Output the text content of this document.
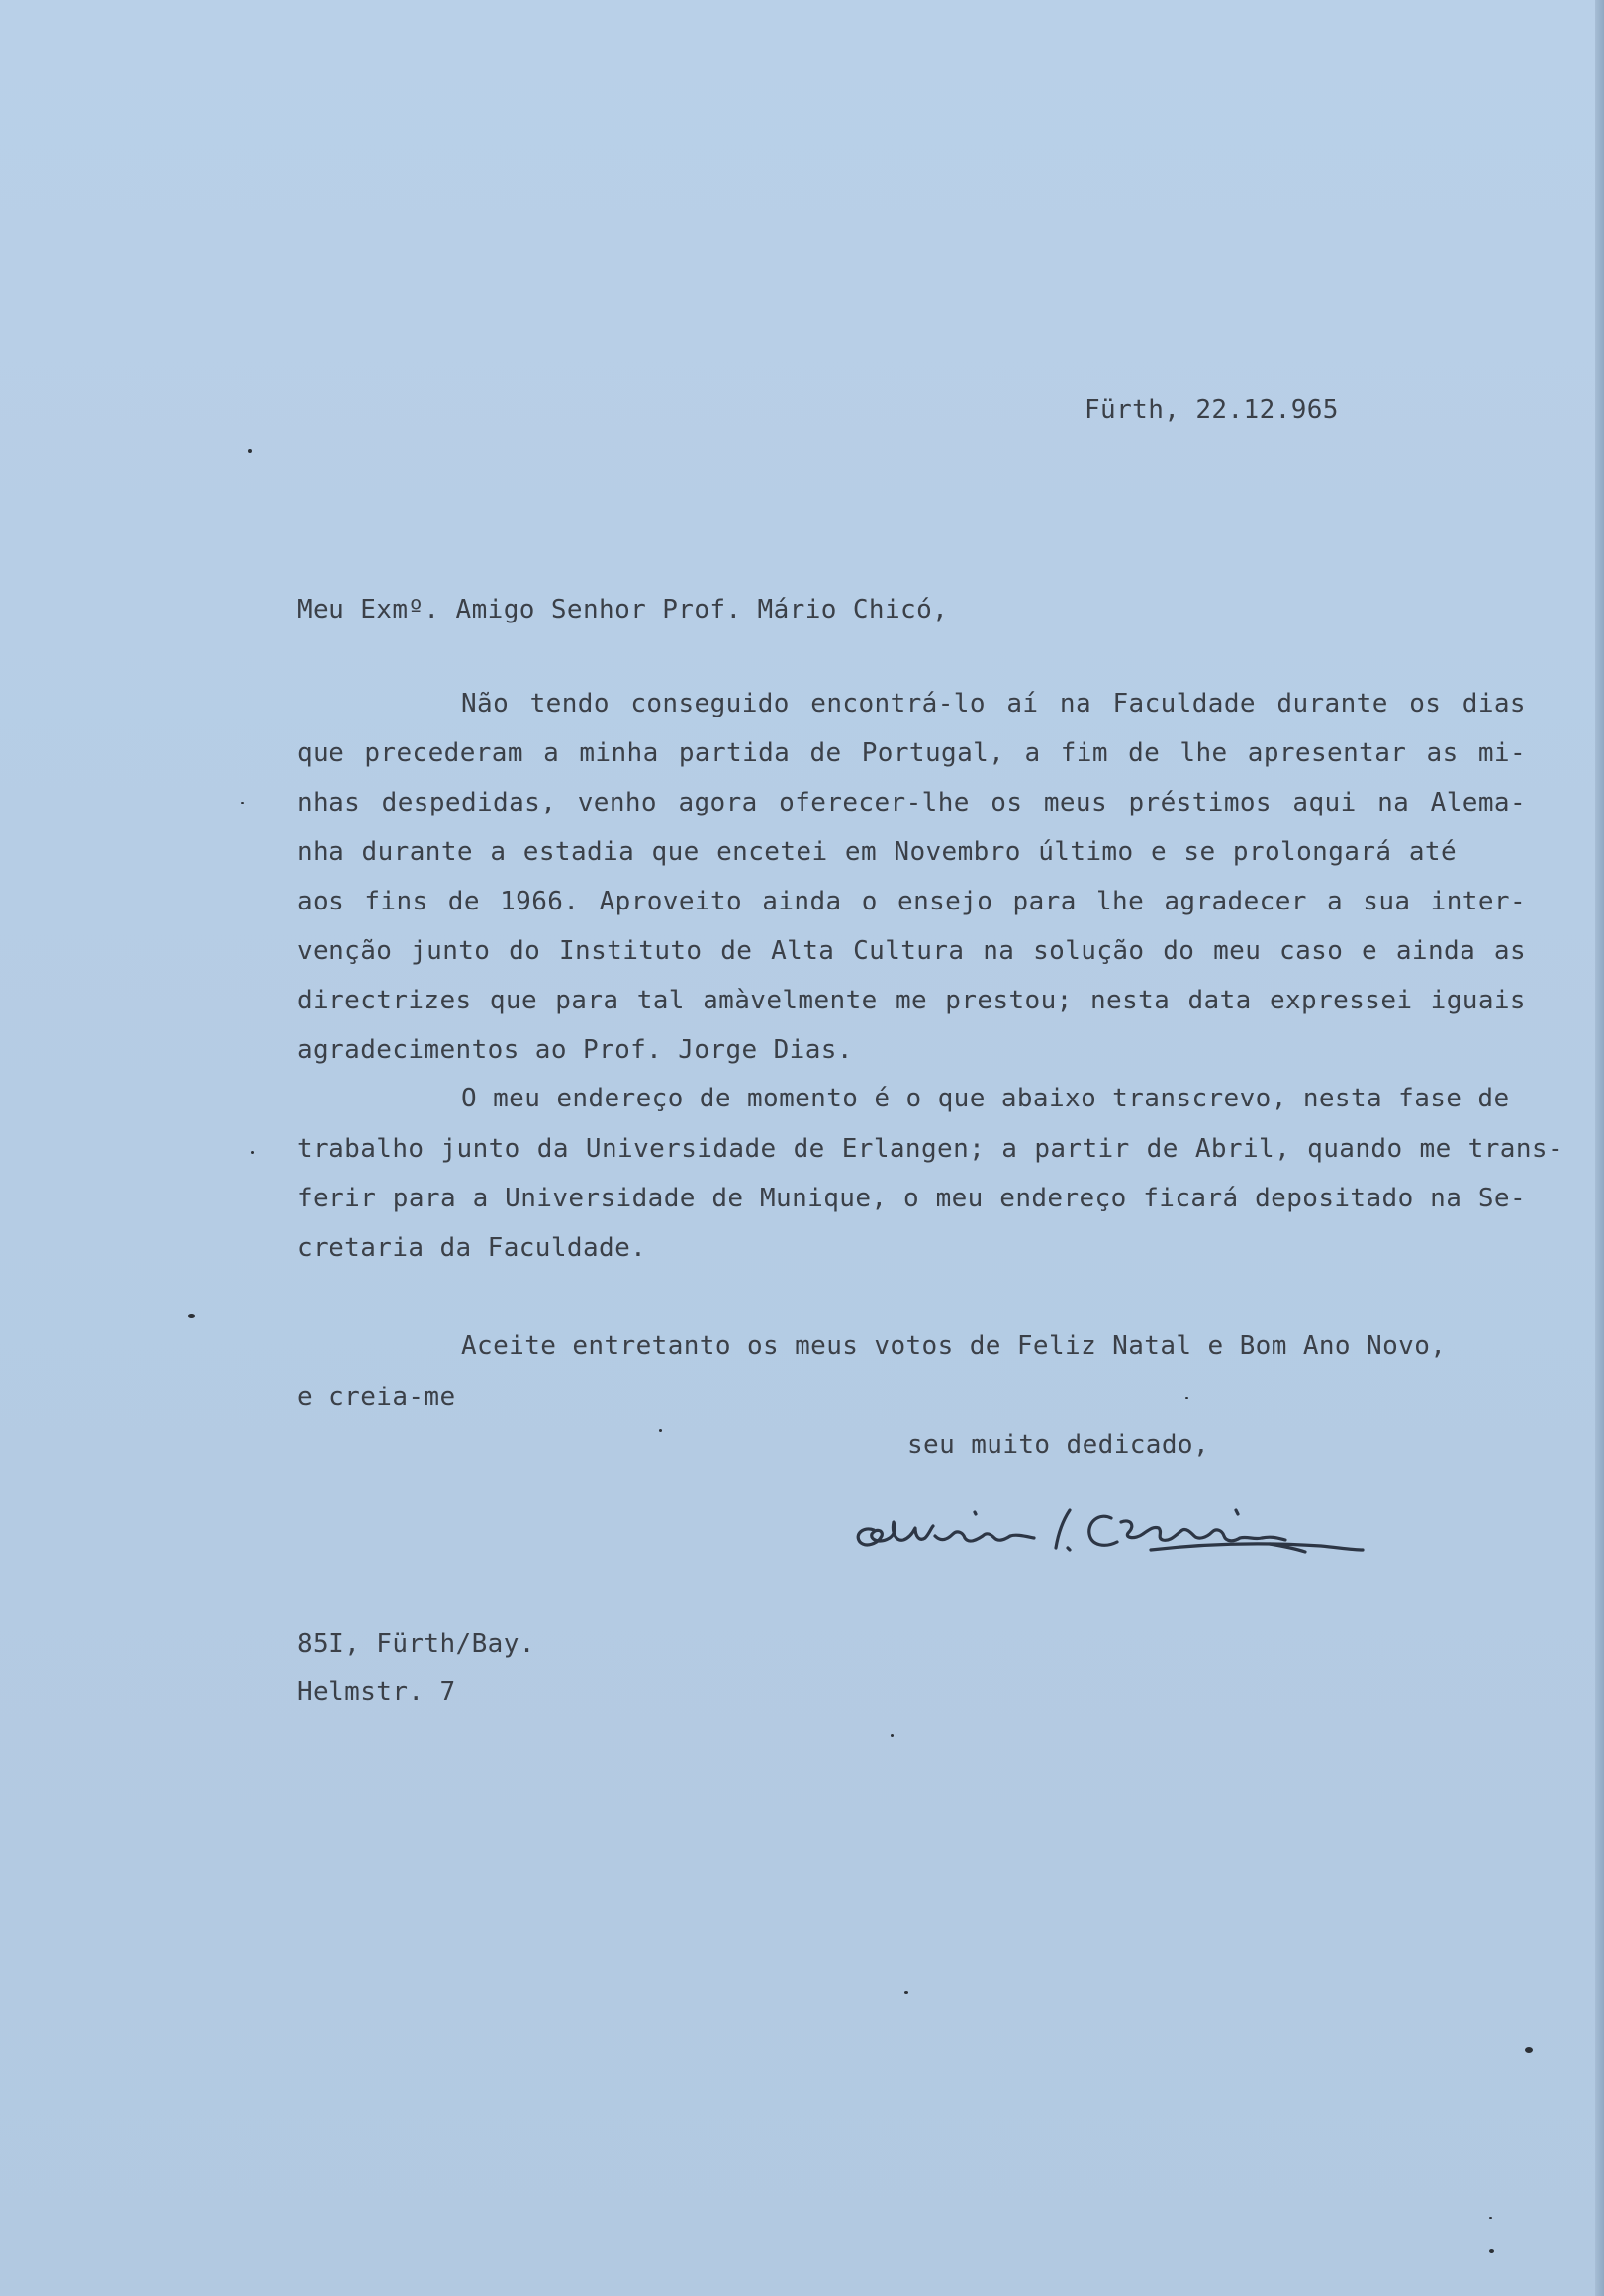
Fürth, 22.12.965
Meu Exmº. Amigo Senhor Prof. Mário Chicó,
Não tendo conseguido encontrá-lo aí na Faculdade durante os dias
que precederam a minha partida de Portugal, a fim de lhe apresentar as mi-
nhas despedidas, venho agora oferecer-lhe os meus préstimos aqui na Alema-
nha durante a estadia que encetei em Novembro último e se prolongará até
aos fins de 1966. Aproveito ainda o ensejo para lhe agradecer a sua inter-
venção junto do Instituto de Alta Cultura na solução do meu caso e ainda as
directrizes que para tal amàvelmente me prestou; nesta data expressei iguais
agradecimentos ao Prof. Jorge Dias.
O meu endereço de momento é o que abaixo transcrevo, nesta fase de
trabalho junto da Universidade de Erlangen; a partir de Abril, quando me trans-
ferir para a Universidade de Munique, o meu endereço ficará depositado na Se-
cretaria da Faculdade.
Aceite entretanto os meus votos de Feliz Natal e Bom Ano Novo,
e creia-me
seu muito dedicado,
85I, Fürth/Bay.
Helmstr. 7
